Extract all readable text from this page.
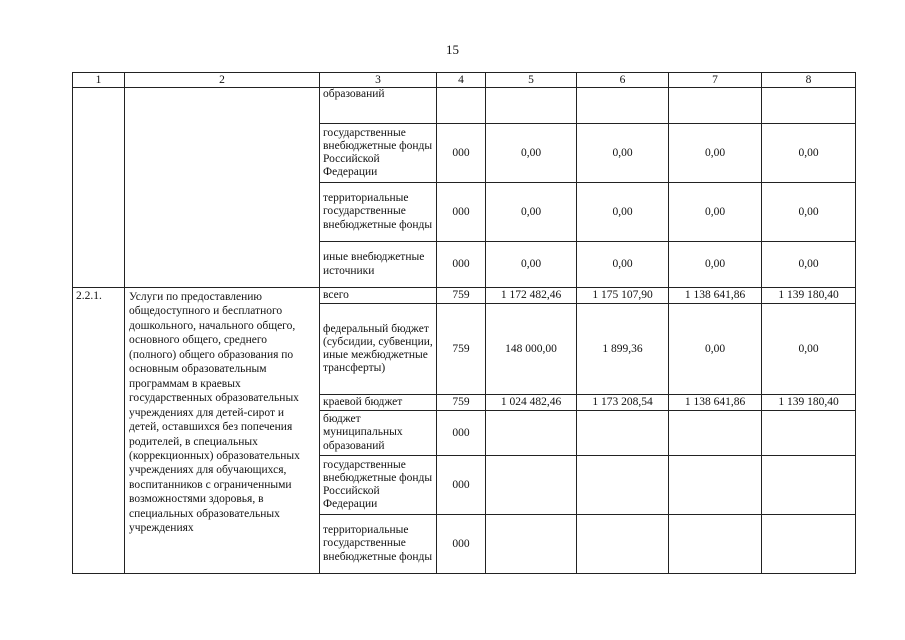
15
1	2	3	4	5	6	7	8
		образований					
		государственные внебюджетные фонды Российской Федерации	000	0,00	0,00	0,00	0,00
		территориальные государственные внебюджетные фонды	000	0,00	0,00	0,00	0,00
		иные внебюджетные источники	000	0,00	0,00	0,00	0,00
2.2.1.	Услуги по предоставлению общедоступного и бесплатного дошкольного, начального общего, основного общего, среднего (полного) общего образования по основным образовательным программам в краевых государственных образовательных учреждениях для детей-сирот и детей, оставшихся без попечения родителей, в специальных (коррекционных) образовательных учреждениях для обучающихся, воспитанников с ограниченными возможностями здоровья, в специальных образовательных учреждениях	всего	759	1 172 482,46	1 175 107,90	1 138 641,86	1 139 180,40
		федеральный бюджет (субсидии, субвенции, иные межбюджетные трансферты)	759	148 000,00	1 899,36	0,00	0,00
		краевой бюджет	759	1 024 482,46	1 173 208,54	1 138 641,86	1 139 180,40
		бюджет муниципальных образований	000				
		государственные внебюджетные фонды Российской Федерации	000				
		территориальные государственные внебюджетные фонды	000				
